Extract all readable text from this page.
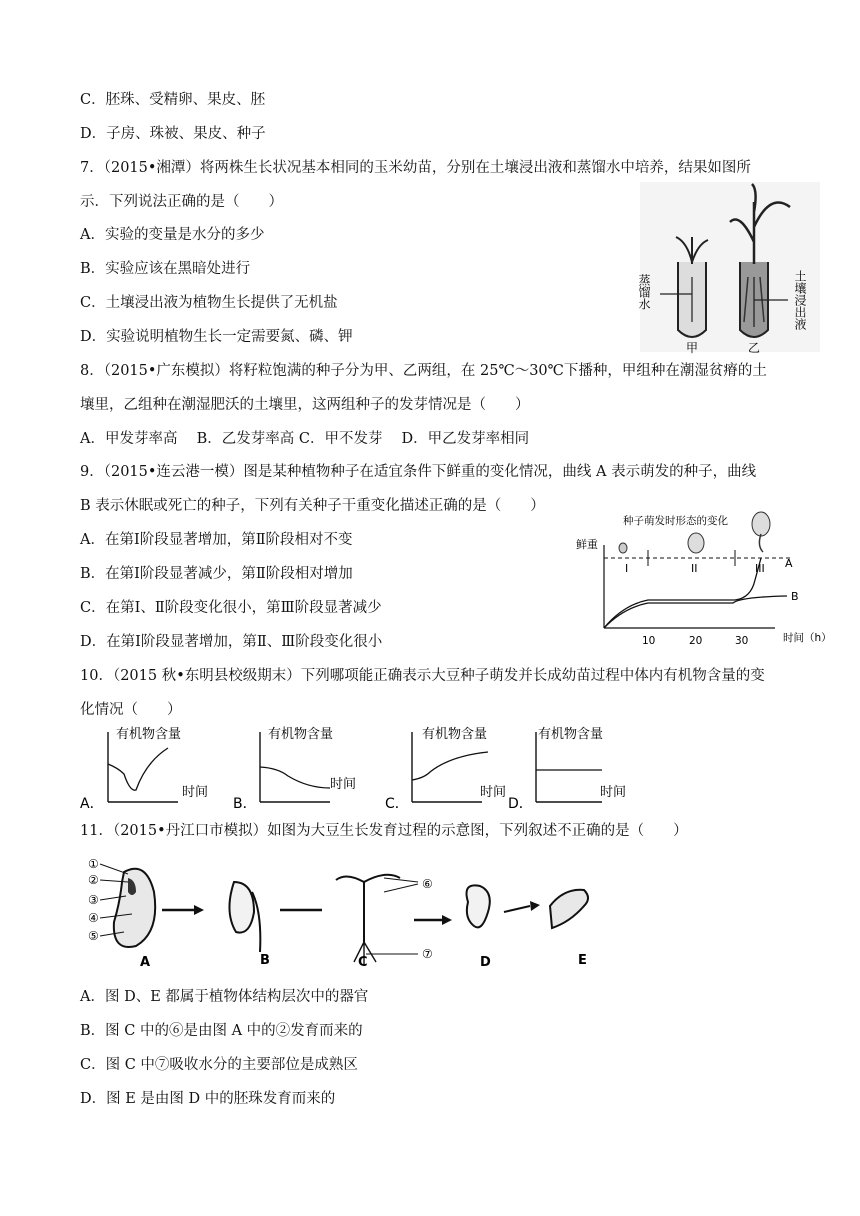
C．胚珠、受精卵、果皮、胚
D．子房、珠被、果皮、种子
7．（2015•湘潭）将两株生长状况基本相同的玉米幼苗，分别在土壤浸出液和蒸馏水中培养，结果如图所
示．下列说法正确的是（　　）
A．实验的变量是水分的多少
B．实验应该在黑暗处进行
C．土壤浸出液为植物生长提供了无机盐
D．实验说明植物生长一定需要氮、磷、钾
蒸馏水	土壤浸出液
甲	乙
8．（2015•广东模拟）将籽粒饱满的种子分为甲、乙两组，在 25℃～30℃下播种，甲组种在潮湿贫瘠的土
壤里，乙组种在潮湿肥沃的土壤里，这两组种子的发芽情况是（　　）
A．甲发芽率高　 B．乙发芽率高 C．甲不发芽　 D．甲乙发芽率相同
9．（2015•连云港一模）图是某种植物种子在适宜条件下鲜重的变化情况，曲线 A 表示萌发的种子，曲线
B 表示休眠或死亡的种子，下列有关种子干重变化描述正确的是（　　）
A．在第Ⅰ阶段显著增加，第Ⅱ阶段相对不变
B．在第Ⅰ阶段显著减少，第Ⅱ阶段相对增加
C．在第Ⅰ、Ⅱ阶段变化很小，第Ⅲ阶段显著减少
D．在第Ⅰ阶段显著增加，第Ⅱ、Ⅲ阶段变化很小
种子萌发时形态的变化
鲜重
I	II	III A
B
10	20	30	时间（h）
10．（2015 秋•东明县校级期末）下列哪项能正确表示大豆种子萌发并长成幼苗过程中体内有机物含量的变
化情况（　　）
有机物含量
时间
A．
有机物含量
时间
B．
有机物含量
时间
C．
有机物含量
时间
D．
11．（2015•丹江口市模拟）如图为大豆生长发育过程的示意图，下列叙述不正确的是（　　）
①
②
③
④
⑤
⑥
⑦
A	B	C	D	E
A．图 D、E 都属于植物体结构层次中的器官
B．图 C 中的⑥是由图 A 中的②发育而来的
C．图 C 中⑦吸收水分的主要部位是成熟区
D．图 E 是由图 D 中的胚珠发育而来的
